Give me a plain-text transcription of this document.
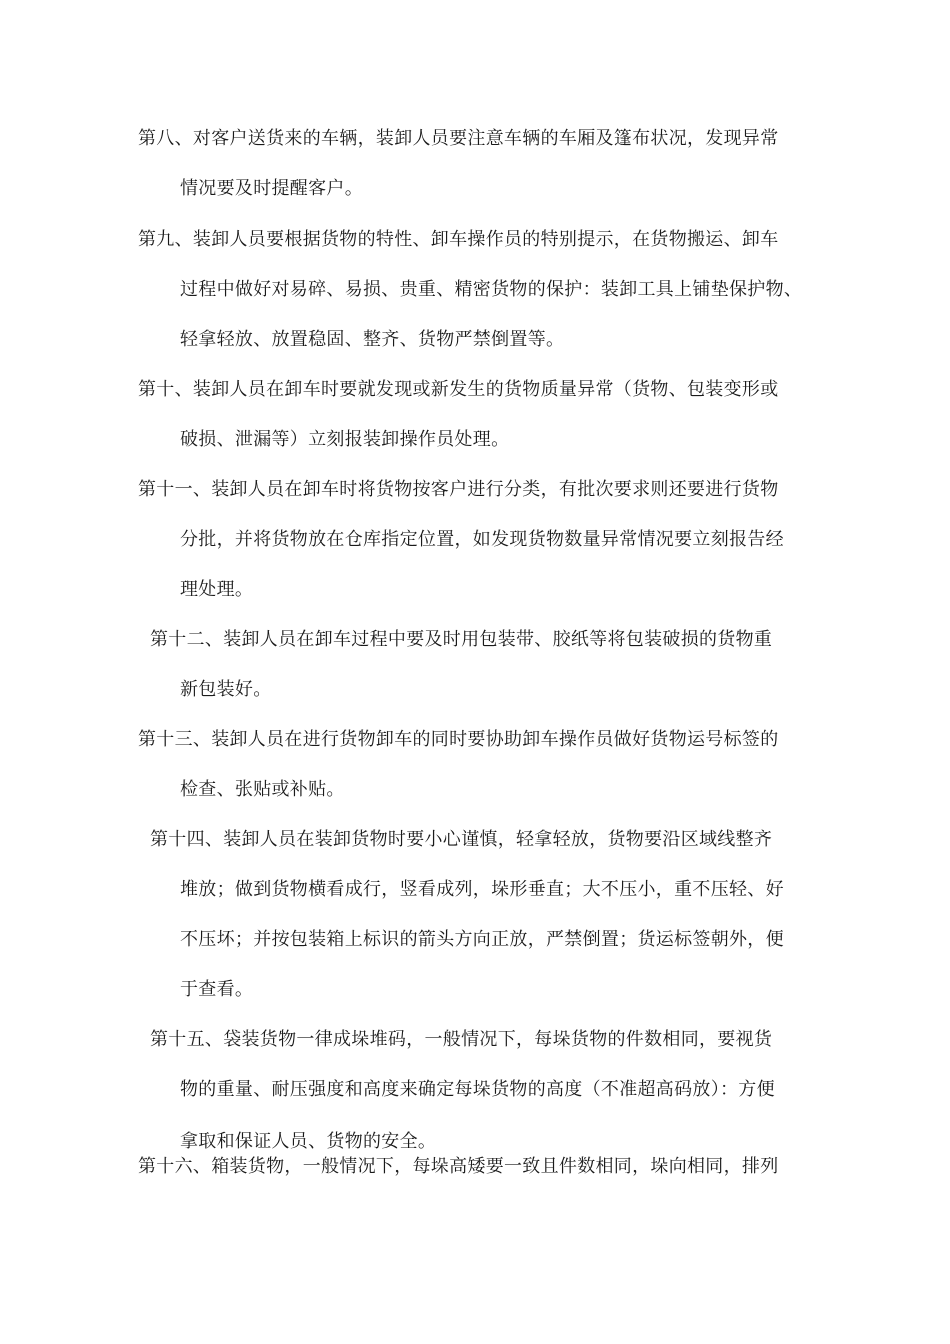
第八、对客户送货来的车辆，装卸人员要注意车辆的车厢及篷布状况，发现异常
情况要及时提醒客户。
第九、装卸人员要根据货物的特性、卸车操作员的特别提示，在货物搬运、卸车
过程中做好对易碎、易损、贵重、精密货物的保护：装卸工具上铺垫保护物、
轻拿轻放、放置稳固、整齐、货物严禁倒置等。
第十、装卸人员在卸车时要就发现或新发生的货物质量异常（货物、包装变形或
破损、泄漏等）立刻报装卸操作员处理。
第十一、装卸人员在卸车时将货物按客户进行分类，有批次要求则还要进行货物
分批，并将货物放在仓库指定位置，如发现货物数量异常情况要立刻报告经
理处理。
第十二、装卸人员在卸车过程中要及时用包装带、胶纸等将包装破损的货物重
新包装好。
第十三、装卸人员在进行货物卸车的同时要协助卸车操作员做好货物运号标签的
检查、张贴或补贴。
第十四、装卸人员在装卸货物时要小心谨慎，轻拿轻放，货物要沿区域线整齐
堆放；做到货物横看成行，竖看成列，垛形垂直；大不压小，重不压轻、好
不压坏；并按包装箱上标识的箭头方向正放，严禁倒置；货运标签朝外，便
于查看。
第十五、袋装货物一律成垛堆码，一般情况下，每垛货物的件数相同，要视货
物的重量、耐压强度和高度来确定每垛货物的高度（不准超高码放）：方便
拿取和保证人员、货物的安全。
第十六、箱装货物，一般情况下，每垛高矮要一致且件数相同，垛向相同，排列
